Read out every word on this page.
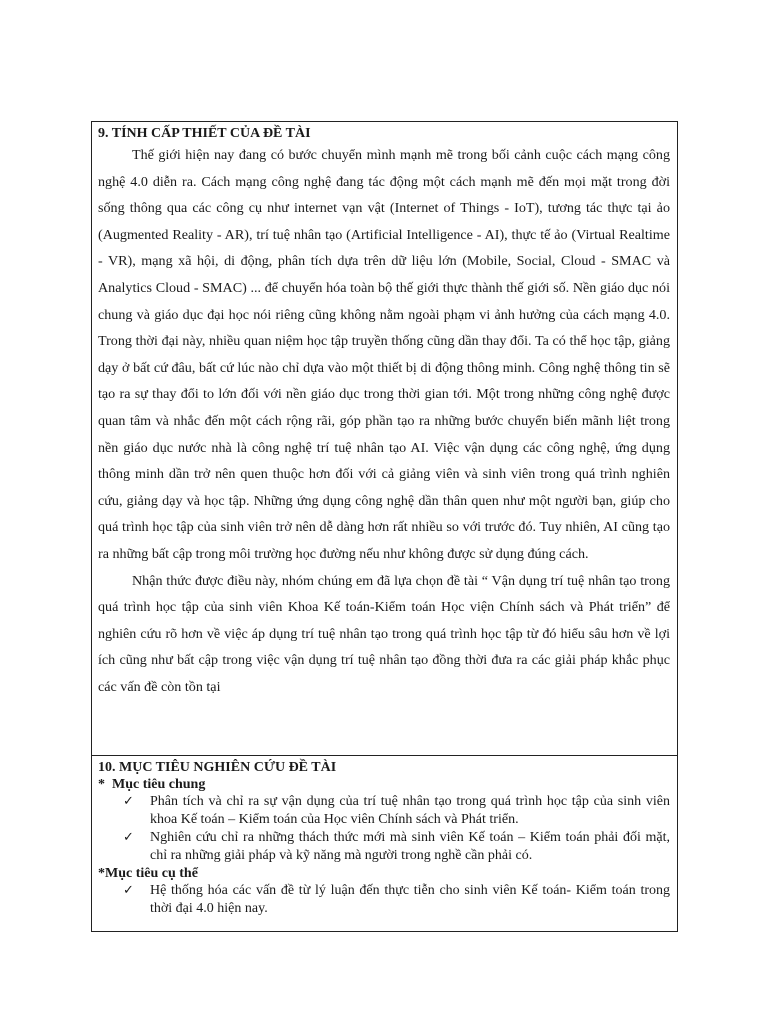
9. TÍNH CẤP THIẾT CỦA ĐỀ TÀI

Thế giới hiện nay đang có bước chuyển mình mạnh mẽ trong bối cảnh cuộc cách mạng công nghệ 4.0 diễn ra. Cách mạng công nghệ đang tác động một cách mạnh mẽ đến mọi mặt trong đời sống thông qua các công cụ như internet vạn vật (Internet of Things - IoT), tương tác thực tại ảo (Augmented Reality - AR), trí tuệ nhân tạo (Artificial Intelligence - AI), thực tế ảo (Virtual Realtime - VR), mạng xã hội, di động, phân tích dựa trên dữ liệu lớn (Mobile, Social, Cloud - SMAC và Analytics Cloud - SMAC) ... để chuyển hóa toàn bộ thế giới thực thành thế giới số. Nền giáo dục nói chung và giáo dục đại học nói riêng cũng không nằm ngoài phạm vi ảnh hưởng của cách mạng 4.0. Trong thời đại này, nhiều quan niệm học tập truyền thống cũng dần thay đổi. Ta có thể học tập, giảng dạy ở bất cứ đâu, bất cứ lúc nào chỉ dựa vào một thiết bị di động thông minh. Công nghệ thông tin sẽ tạo ra sự thay đổi to lớn đối với nền giáo dục trong thời gian tới. Một trong những công nghệ được quan tâm và nhắc đến một cách rộng rãi, góp phần tạo ra những bước chuyển biến mãnh liệt trong nền giáo dục nước nhà là công nghệ trí tuệ nhân tạo AI. Việc vận dụng các công nghệ, ứng dụng thông minh dần trở nên quen thuộc hơn đối với cả giảng viên và sinh viên trong quá trình nghiên cứu, giảng dạy và học tập. Những ứng dụng công nghệ dần thân quen như một người bạn, giúp cho quá trình học tập của sinh viên trở nên dễ dàng hơn rất nhiều so với trước đó. Tuy nhiên, AI cũng tạo ra những bất cập trong môi trường học đường nếu như không được sử dụng đúng cách.

Nhận thức được điều này, nhóm chúng em đã lựa chọn đề tài “ Vận dụng trí tuệ nhân tạo trong quá trình học tập của sinh viên Khoa Kế toán-Kiểm toán Học viện Chính sách và Phát triển” để nghiên cứu rõ hơn về việc áp dụng trí tuệ nhân tạo trong quá trình học tập từ đó hiểu sâu hơn về lợi ích cũng như bất cập trong việc vận dụng trí tuệ nhân tạo đồng thời đưa ra các giải pháp khắc phục các vấn đề còn tồn tại

10. MỤC TIÊU NGHIÊN CỨU ĐỀ TÀI

* Mục tiêu chung

✓ Phân tích và chỉ ra sự vận dụng của trí tuệ nhân tạo trong quá trình học tập của sinh viên khoa Kế toán – Kiểm toán của Học viên Chính sách và Phát triển.
✓ Nghiên cứu chỉ ra những thách thức mới mà sinh viên Kế toán – Kiểm toán phải đối mặt, chỉ ra những giải pháp và kỹ năng mà người trong nghề cần phải có.

*Mục tiêu cụ thể

✓ Hệ thống hóa các vấn đề từ lý luận đến thực tiễn cho sinh viên Kế toán- Kiểm toán trong thời đại 4.0 hiện nay.
